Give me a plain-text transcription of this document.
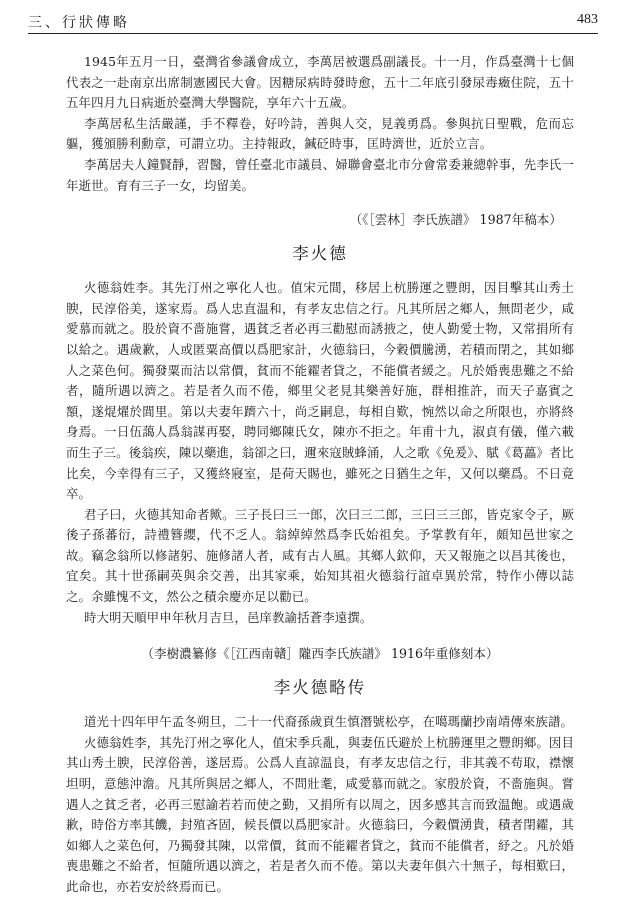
三、行狀傳略	483

1945年五月一日，臺灣省參議會成立，李萬居被選爲副議長。十一月，作爲臺灣十七個代表之一赴南京出席制憲國民大會。因糖尿病時發時愈，五十二年底引發尿毒癥住院，五十五年四月九日病逝於臺灣大學醫院，享年六十五歲。

李萬居私生活嚴謹，手不釋卷，好吟詩，善與人交，見義勇爲。參與抗日聖戰，危而忘軀，獲頒勝利勳章，可謂立功。主持報政，鍼砭時事，匡時濟世，近於立言。

李萬居夫人鐘賢靜，習醫，曾任臺北市議員、婦聯會臺北市分會常委兼總幹事，先李氏一年逝世。育有三子一女，均留美。

（《［雲林］李氏族譜》 1987年稿本）
李火德

火德翁姓李。其先汀州之寧化人也。值宋元間，移居上杭勝運之豐朗，因目擊其山秀土腴，民淳俗美，遂家焉。爲人忠直温和，有孝友忠信之行。凡其所居之鄉人，無問老少，咸愛慕而就之。股於資不嗇施嘗，遇貧乏者必再三勸慰而誘掖之，使人勤愛士物，又常捐所有以給之。遇歲歉，人或匿粟高價以爲肥家計，火德翁曰，今穀價騰湧，若積而閉之，其如鄉人之菜色何。獨發粟而沽以常價，貧而不能糴者貸之，不能償者緩之。凡於婚喪患難之不給者，隨所遇以濟之。若是者久而不倦，鄉里父老見其樂善好施，群相推許，而天子嘉賓之額，遂焜燿於閭里。第以夫妻年躋六十，尚乏嗣息，每相自歎，惋然以命之所限也，亦將終身焉。一日伍藹人爲翁謀再娶，聘同鄉陳氏女，陳亦不拒之。年甫十九，淑貞有儀，僅六載而生子三。後翁疾，陳以藥進，翁卻之曰，邇來寇賊蜂涌，人之歌《免爰》、賦《葛藟》者比比矣，今幸得有三子，又獲終寢室，是荷天賜也，雖死之日猶生之年，又何以藥爲。不日竟卒。

君子曰，火德其知命者歟。三子長曰三一郎，次曰三二郎，三曰三三郎，皆克家令子，厥後子孫蕃衍，詩禮簪纓，代不乏人。翁綽綽然爲李氏始祖矣。予掌教有年，頗知邑世家之故。竊念翁所以修諸躬、施修諸人者，咸有古人風。其鄉人欽仰，天又報施之以昌其後也，宜矣。其十世孫嗣英與余交善，出其家乘，始知其祖火德翁行誼卓異於常，特作小傳以誌之。余雖愧不文，然公之積余慶亦足以勸已。

時大明天順甲申年秋月吉旦，邑庠教諭括蒼李遠撰。

（李樹濃纂修《［江西南贛］隴西李氏族譜》 1916年重修刻本）
李火德略传

道光十四年甲午孟冬朔旦，二十一代裔孫歲貢生慎潛號松亭，在噶瑪蘭抄南靖傳來族譜。

火德翁姓李，其先汀州之寧化人，值宋季兵亂，與妻伍氏避於上杭勝運里之豐朗鄉。因目其山秀土腴，民淳俗善，遂居焉。公爲人直諒温良，有孝友忠信之行，非其義不苟取，襟懷坦明，意態沖澹。凡其所與居之鄉人，不問壯耄，咸愛慕而就之。家殷於資，不嗇施與。嘗遇人之貧乏者，必再三慰諭若若而使之勤，又捐所有以周之，因多感其言而致温飽。或遇歲歉，時俗方率其饑，封殖吝固，候長價以爲肥家計。火德翁曰，今穀價湧貴，積者閉糴，其如鄉人之菜色何，乃獨發其陳，以常價，貧而不能糴者貸之，貧而不能償者，紓之。凡於婚喪患難之不給者，恒隨所遇以濟之，若是者久而不倦。第以夫妻年俱六十無子，每相歎曰，此命也，亦若安於終焉而已。
